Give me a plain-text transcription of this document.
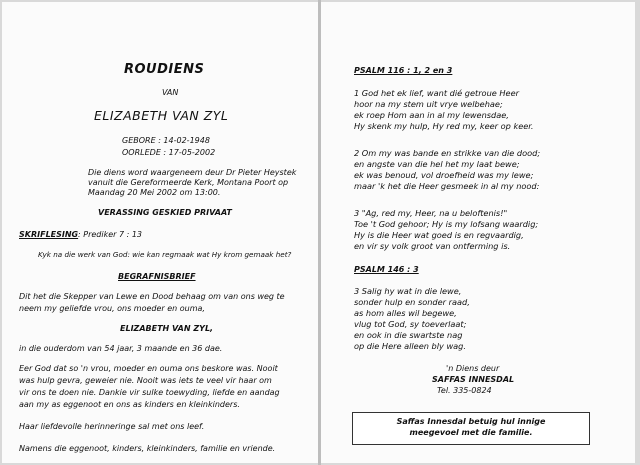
ROUDIENS
VAN
ELIZABETH VAN ZYL
GEBORE : 14-02-1948
OORLEDE : 17-05-2002
Die diens word waargeneem deur Dr Pieter Heystek
vanuit die Gereformeerde Kerk, Montana Poort op
Maandag 20 Mei 2002 om 13:00.
VERASSING GESKIED PRIVAAT
SKRIFLESING : Prediker 7 : 13
Kyk na die werk van God: wie kan regmaak wat Hy krom gemaak het?
BEGRAFNISBRIEF
Dit het die Skepper van Lewe en Dood behaag om van ons weg te
neem my geliefde vrou, ons moeder en ouma,
ELIZABETH VAN ZYL,
in die ouderdom van 54 jaar, 3 maande en 36 dae.
Eer God dat so 'n vrou, moeder en ouma ons beskore was. Nooit
was hulp gevra, geweier nie. Nooit was iets te veel vir haar om
vir ons te doen nie. Dankie vir sulke toewyding, liefde en aandag
aan my as eggenoot en ons as kinders en kleinkinders.
Haar liefdevolle herinneringe sal met ons leef.
Namens die eggenoot, kinders, kleinkinders, familie en vriende.
PSALM 116 : 1, 2 en 3
1 God het ek lief, want dié getroue Heer
hoor na my stem uit vrye welbehae;
ek roep Hom aan in al my lewensdae,
Hy skenk my hulp, Hy red my, keer op keer.
2 Om my was bande en strikke van die dood;
en angste van die hel het my laat bewe;
ek was benoud, vol droefheid was my lewe;
maar 'k het die Heer gesmeek in al my nood:
3 "Ag, red my, Heer, na u beloftenis!"
Toe 't God gehoor; Hy is my lofsang waardig;
Hy is die Heer wat goed is en regvaardig,
en vir sy volk groot van ontferming is.
PSALM 146 : 3
3 Salig hy wat in die lewe,
sonder hulp en sonder raad,
as hom alles wil begewe,
vlug tot God, sy toeverlaat;
en ook in die swartste nag
op die Here alleen bly wag.
'n Diens deur
SAFFAS INNESDAL
Tel. 335-0824
Saffas Innesdal betuig hul innige
meegevoel met die familie.
